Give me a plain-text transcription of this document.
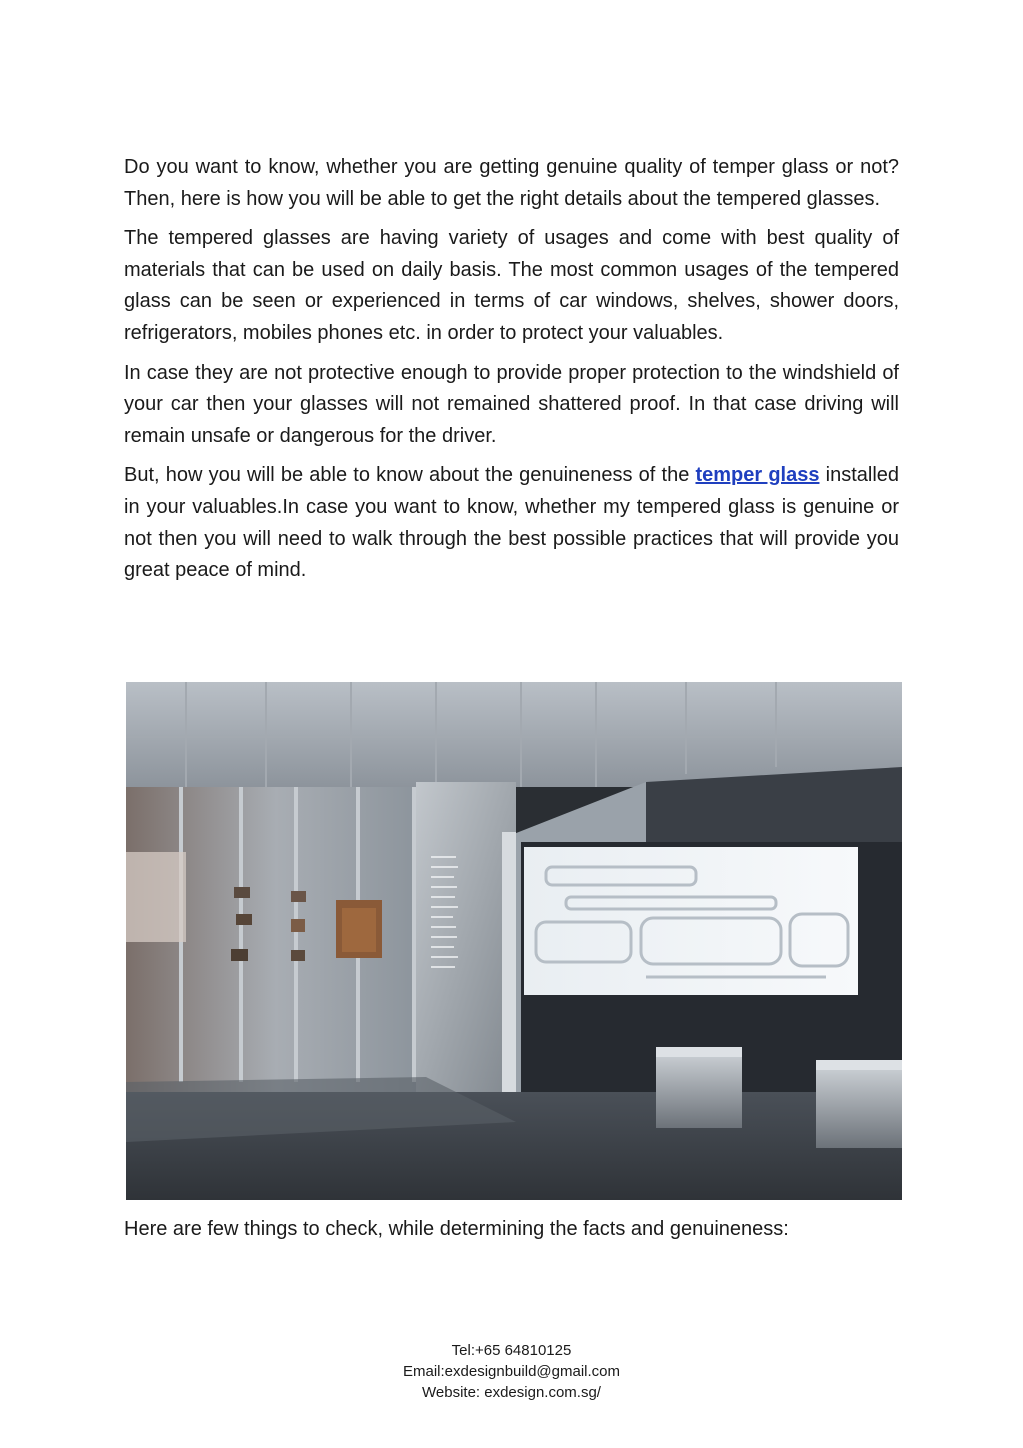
Do you want to know, whether you are getting genuine quality of temper glass or not? Then, here is how you will be able to get the right details about the tempered glasses.

The tempered glasses are having variety of usages and come with best quality of materials that can be used on daily basis. The most common usages of the tempered glass can be seen or experienced in terms of car windows, shelves, shower doors, refrigerators, mobiles phones etc. in order to protect your valuables.

In case they are not protective enough to provide proper protection to the windshield of your car then your glasses will not remained shattered proof. In that case driving will remain unsafe or dangerous for the driver.

But, how you will be able to know about the genuineness of the temper glass installed in your valuables.In case you want to know, whether my tempered glass is genuine or not then you will need to walk through the best possible practices that will provide you great peace of mind.

Here are few things to check, while determining the facts and genuineness:

Tel:+65 64810125
Email:exdesignbuild@gmail.com
Website: exdesign.com.sg/
